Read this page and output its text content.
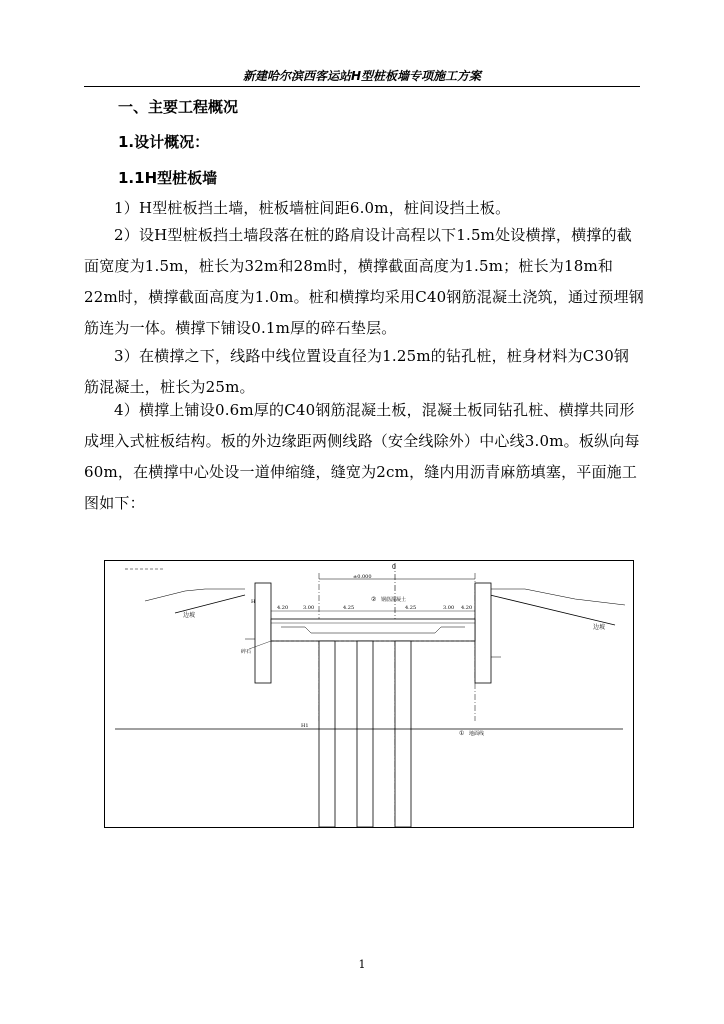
新建哈尔滨西客运站H型桩板墙专项施工方案
一、主要工程概况
1.设计概况：
1.1H型桩板墙
1）H型桩板挡土墙，桩板墙桩间距6.0m，桩间设挡土板。
2）设H型桩板挡土墙段落在桩的路肩设计高程以下1.5m处设横撑，横撑的截面宽度为1.5m，桩长为32m和28m时，横撑截面高度为1.5m；桩长为18m和22m时，横撑截面高度为1.0m。桩和横撑均采用C40钢筋混凝土浇筑，通过预埋钢筋连为一体。横撑下铺设0.1m厚的碎石垫层。
3）在横撑之下，线路中线位置设直径为1.25m的钻孔桩，桩身材料为C30钢筋混凝土，桩长为25m。
4）横撑上铺设0.6m厚的C40钢筋混凝土板，混凝土板同钻孔桩、横撑共同形成埋入式桩板结构。板的外边缘距两侧线路（安全线除外）中心线3.0m。板纵向每60m，在横撑中心处设一道伸缩缝，缝宽为2cm，缝内用沥青麻筋填塞，平面施工图如下：
边坡
边坡
0
±0.000
碎石
4.20	3.00	4.25	4.25	3.00 4.20
② 钢筋混凝土
① 地面线
H1
H
1
